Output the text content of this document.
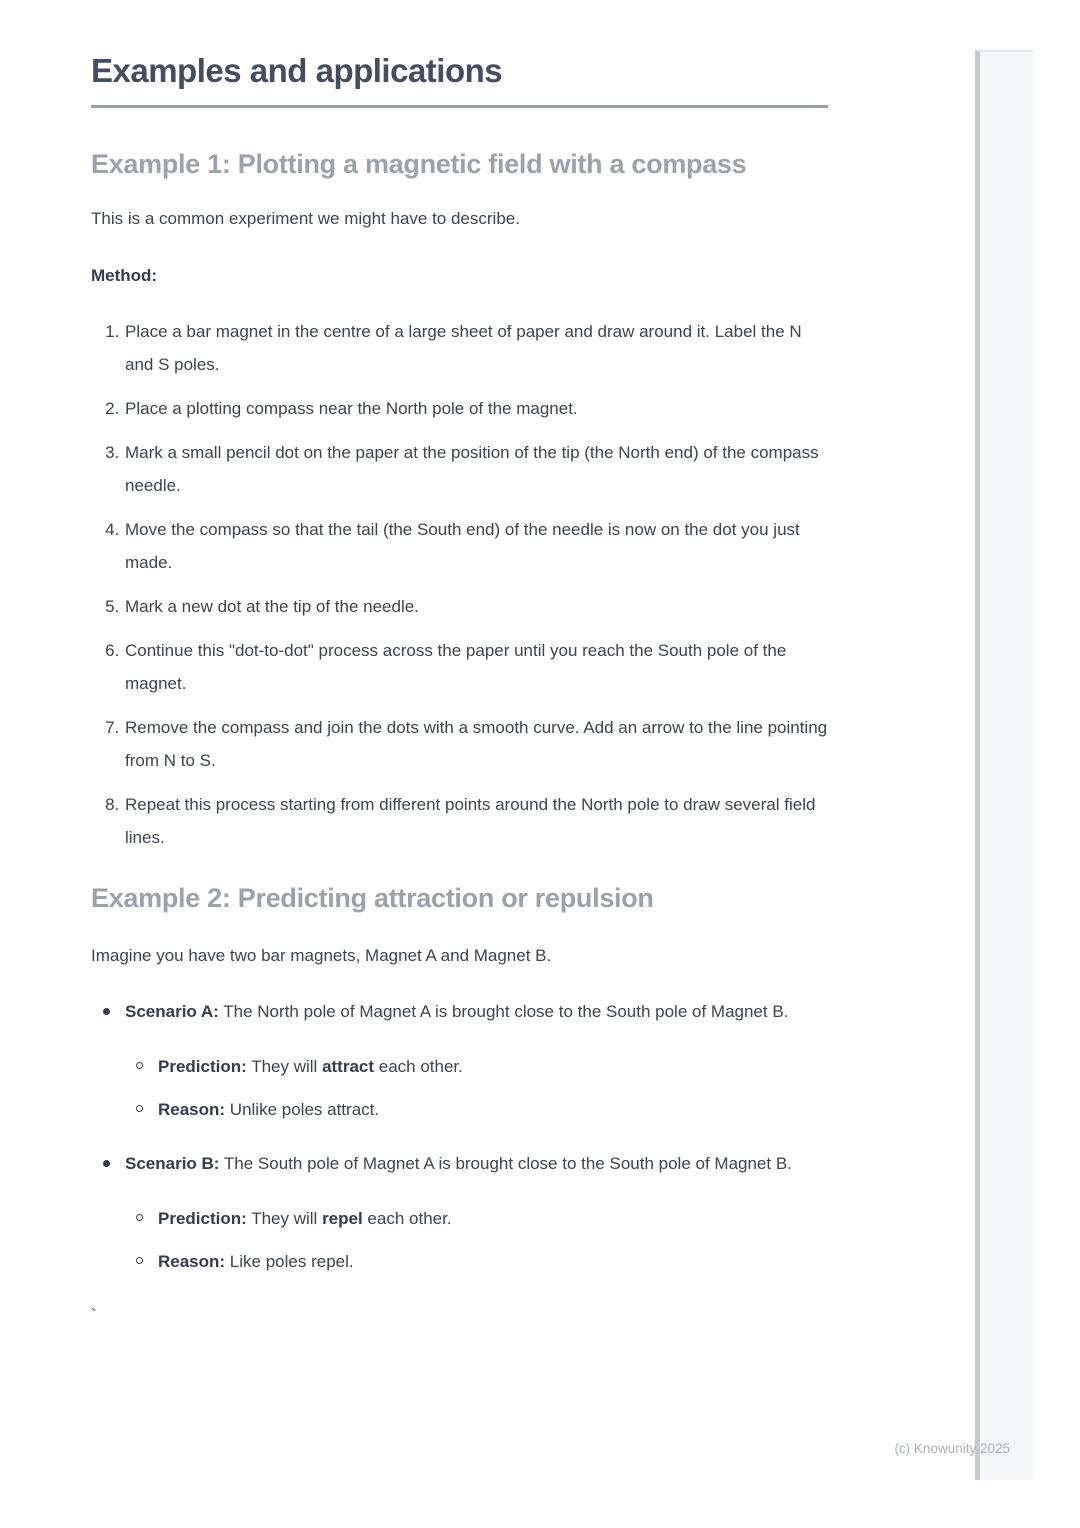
Examples and applications
Example 1: Plotting a magnetic field with a compass

This is a common experiment we might have to describe.

Method:

1. Place a bar magnet in the centre of a large sheet of paper and draw around it. Label the N and S poles.
2. Place a plotting compass near the North pole of the magnet.
3. Mark a small pencil dot on the paper at the position of the tip (the North end) of the compass needle.
4. Move the compass so that the tail (the South end) of the needle is now on the dot you just made.
5. Mark a new dot at the tip of the needle.
6. Continue this "dot-to-dot" process across the paper until you reach the South pole of the magnet.
7. Remove the compass and join the dots with a smooth curve. Add an arrow to the line pointing from N to S.
8. Repeat this process starting from different points around the North pole to draw several field lines.
Example 2: Predicting attraction or repulsion

Imagine you have two bar magnets, Magnet A and Magnet B.

Scenario A: The North pole of Magnet A is brought close to the South pole of Magnet B.
Prediction: They will attract each other.
Reason: Unlike poles attract.
Scenario B: The South pole of Magnet A is brought close to the South pole of Magnet B.
Prediction: They will repel each other.
Reason: Like poles repel.

`

(c) Knowunity 2025
